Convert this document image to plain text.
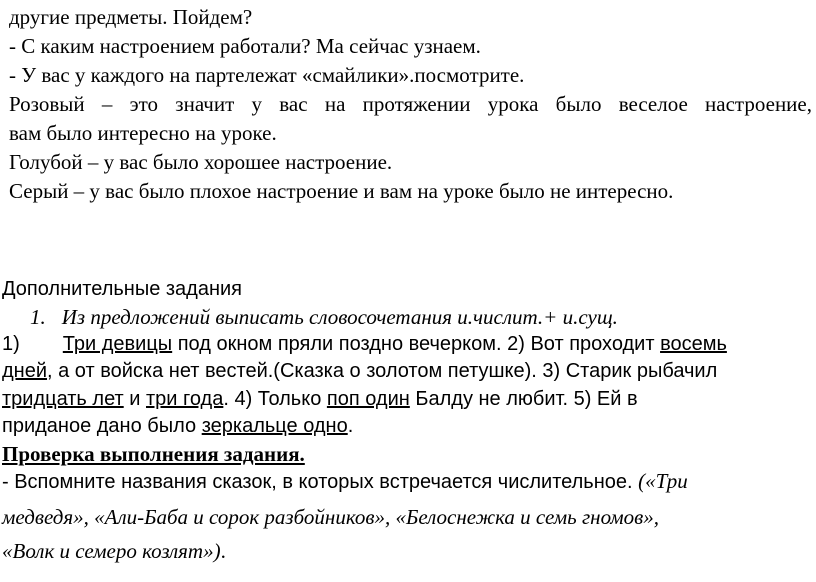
другие предметы. Пойдем?
- С каким настроением работали? Ма сейчас узнаем.
- У вас у каждого на партележат «смайлики».посмотрите.
Розовый – это значит у вас на протяжении урока было веселое настроение,
вам было интересно на уроке.
Голубой – у вас было хорошее настроение.
Серый – у вас было плохое настроение и вам на уроке было не интересно.
Дополнительные задания
1. Из предложений выписать словосочетания и.числит.+ и.сущ.
1) Три девицы под окном пряли поздно вечерком. 2) Вот проходит восемь
дней, а от войска нет вестей.(Сказка о золотом петушке). 3) Старик рыбачил
тридцать лет и три года. 4) Только поп один Балду не любит. 5) Ей в
приданое дано было зеркальце одно.
Проверка выполнения задания.
- Вспомните названия сказок, в которых встречается числительное. («Три
медведя», «Али-Баба и сорок разбойников», «Белоснежка и семь гномов»,
«Волк и семеро козлят»).
